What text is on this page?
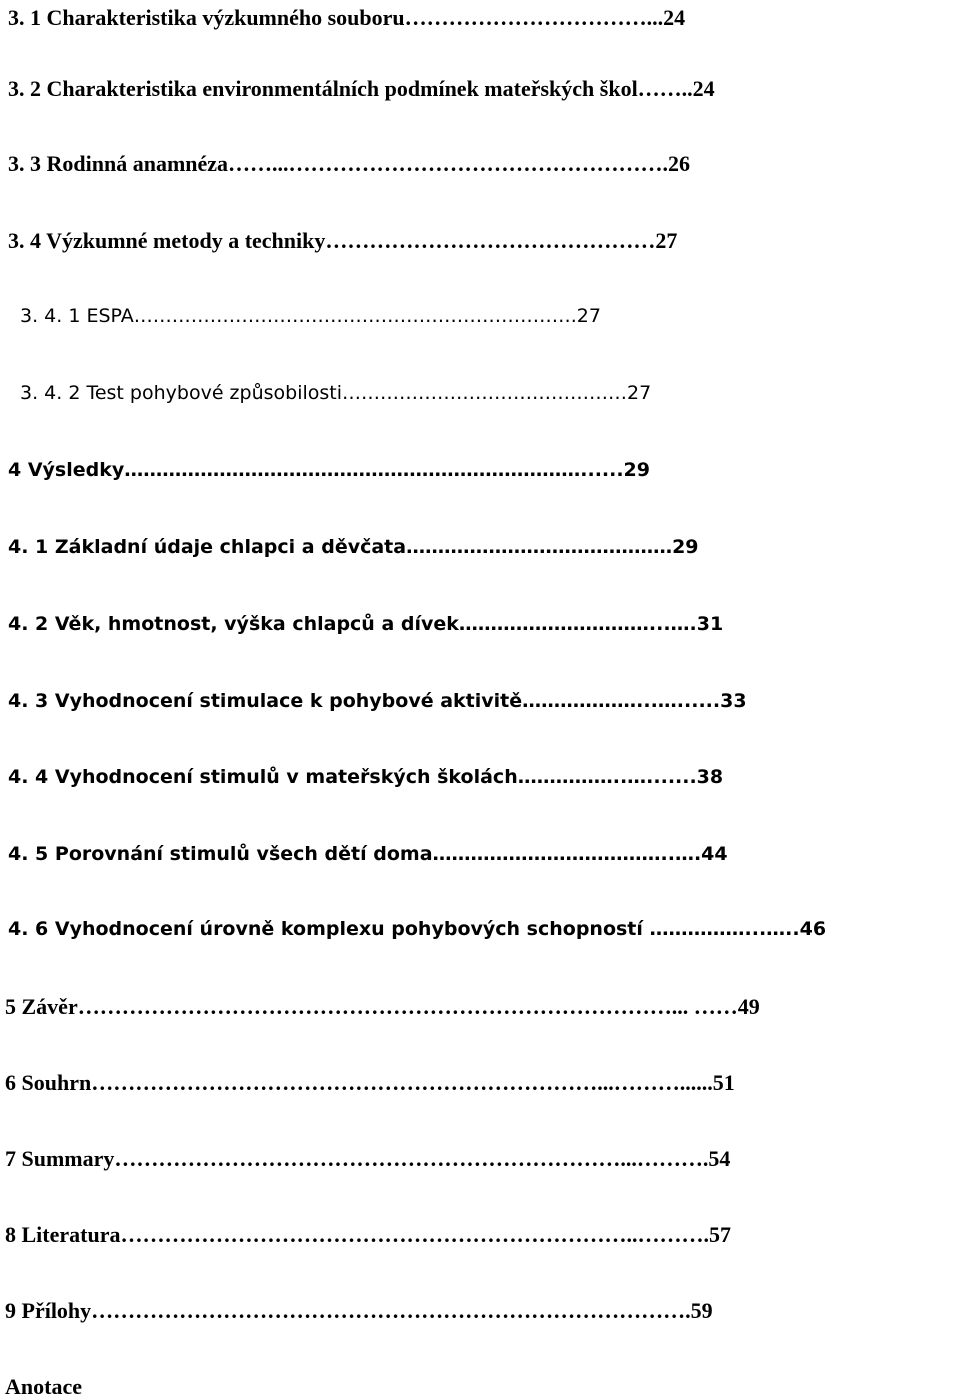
3. 1 Charakteristika výzkumného souboru……………………………...24
3. 2 Charakteristika environmentálních podmínek mateřských škol……..24
3. 3 Rodinná anamnéza……...…………………………………………….26
3. 4 Výzkumné metody a techniky………………………………………27
3. 4. 1 ESPA…………………………………………………………….27
3. 4. 2 Test pohybové způsobilosti………………………………………27
4 Výsledky………………………………………………………………......29
4. 1 Základní údaje chlapci a děvčata……………………………………29
4. 2 Věk, hmotnost, výška chlapců a dívek…………………………...….31
4. 3 Vyhodnocení stimulace k pohybové aktivitě………………...…......33
4. 4 Vyhodnocení stimulů v mateřských školách……………..….......38
4. 5 Porovnání stimulů všech dětí doma………………………………..….44
4. 6 Vyhodnocení úrovně komplexu pohybových schopností ……………...…..46
5 Závěr………………………………………………………………………... ……49
6 Souhrn……………………………………………………………...………......51
7 Summary……………………………………………………………...……….54
8 Literatura……………………………………………………………..……….57
9 Přílohy……………………………………………………………………….59
Anotace
